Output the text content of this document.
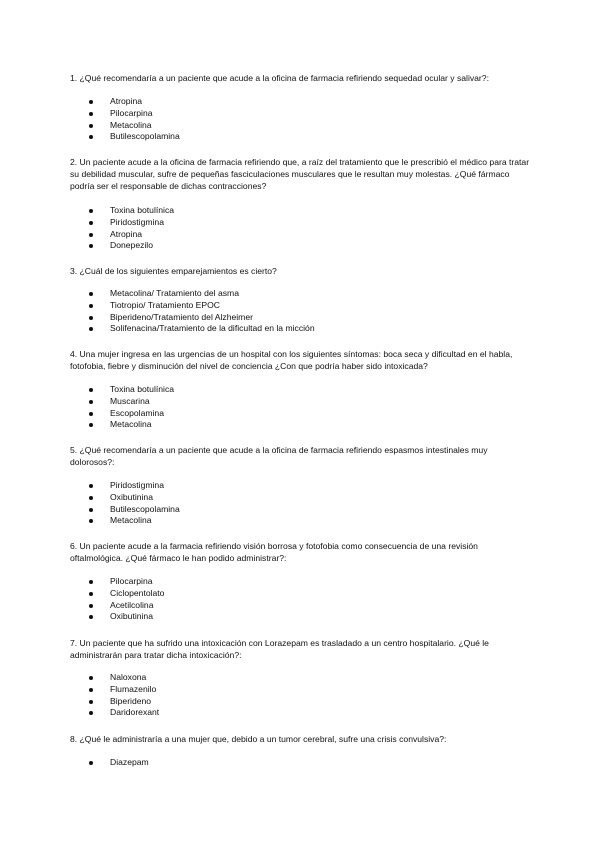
1. ¿Qué recomendaría a un paciente que acude a la oficina de farmacia refiriendo sequedad ocular y salivar?:

Atropina
Pilocarpina
Metacolina
Butilescopolamina

2. Un paciente acude a la oficina de farmacia refiriendo que, a raíz del tratamiento que le prescribió el médico para tratar su debilidad muscular, sufre de pequeñas fasciculaciones musculares que le resultan muy molestas. ¿Qué fármaco podría ser el responsable de dichas contracciones?

Toxina botulínica
Piridostigmina
Atropina
Donepezilo

3. ¿Cuál de los siguientes emparejamientos es cierto?

Metacolina/ Tratamiento del asma
Tiotropio/ Tratamiento EPOC
Biperideno/Tratamiento del Alzheimer
Solifenacina/Tratamiento de la dificultad en la micción

4. Una mujer ingresa en las urgencias de un hospital con los siguientes síntomas: boca seca y dificultad en el habla, fotofobia, fiebre y disminución del nivel de conciencia ¿Con que podría haber sido intoxicada?

Toxina botulínica
Muscarina
Escopolamina
Metacolina

5. ¿Qué recomendaría a un paciente que acude a la oficina de farmacia refiriendo espasmos intestinales muy dolorosos?:

Piridostigmina
Oxibutinina
Butilescopolamina
Metacolina

6. Un paciente acude a la farmacia refiriendo visión borrosa y fotofobia como consecuencia de una revisión oftalmológica. ¿Qué fármaco le han podido administrar?:

Pilocarpina
Ciclopentolato
Acetilcolina
Oxibutinina

7. Un paciente que ha sufrido una intoxicación con Lorazepam es trasladado a un centro hospitalario. ¿Qué le administrarán para tratar dicha intoxicación?:

Naloxona
Flumazenilo
Biperideno
Daridorexant

8. ¿Qué le administraría a una mujer que, debido a un tumor cerebral, sufre una crisis convulsiva?:

Diazepam
